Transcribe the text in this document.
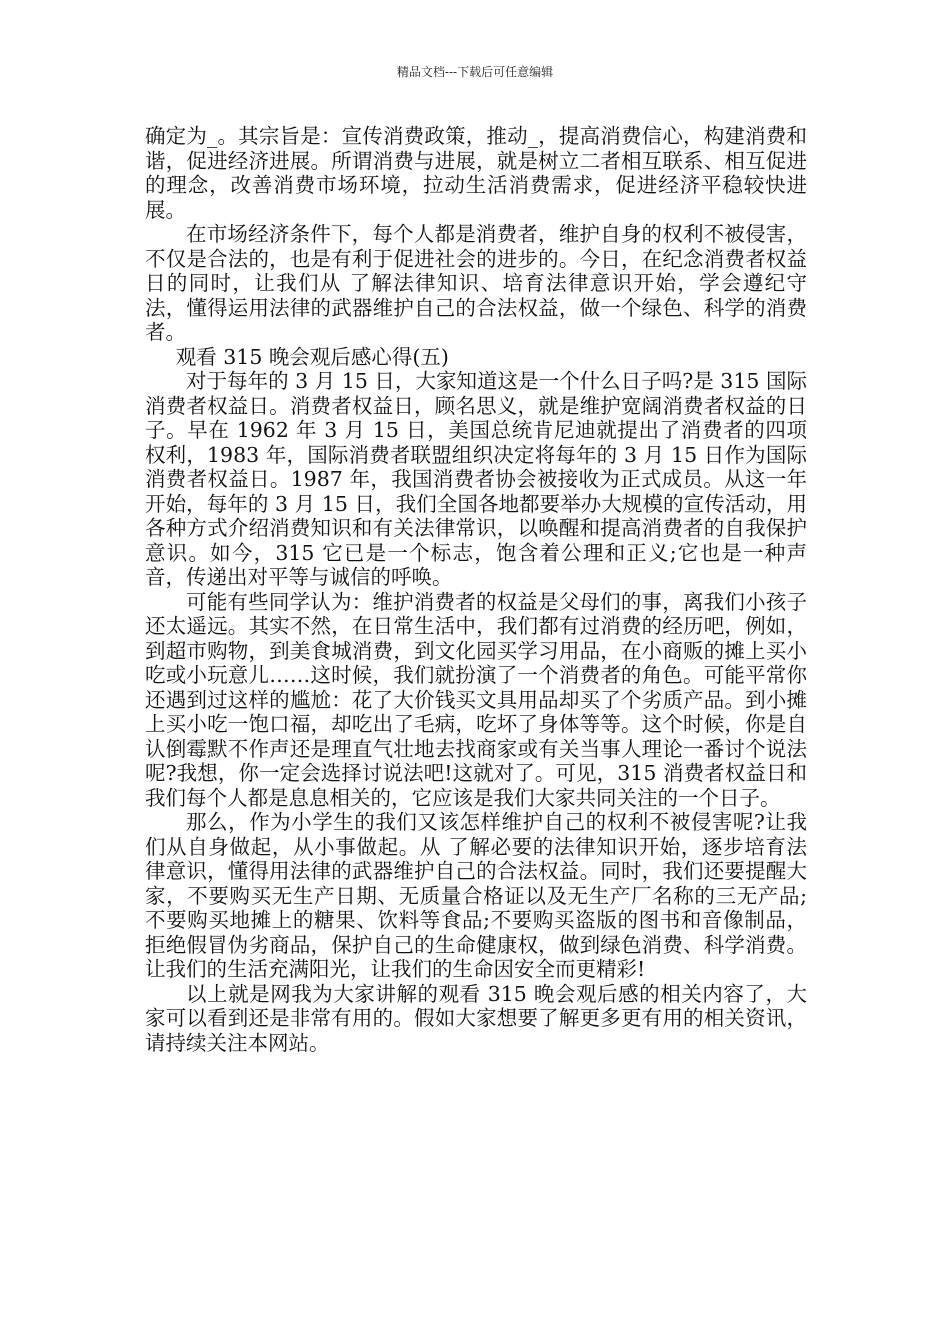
精品文档---下载后可任意编辑

确定为_。其宗旨是：宣传消费政策，推动_，提高消费信心，构建消费和谐，促进经济进展。所谓消费与进展，就是树立二者相互联系、相互促进的理念，改善消费市场环境，拉动生活消费需求，促进经济平稳较快进展。

在市场经济条件下，每个人都是消费者，维护自身的权利不被侵害，不仅是合法的，也是有利于促进社会的进步的。今日，在纪念消费者权益日的同时，让我们从 了解法律知识、培育法律意识开始，学会遵纪守法，懂得运用法律的武器维护自己的合法权益，做一个绿色、科学的消费者。

观看 315 晚会观后感心得(五)

对于每年的 3 月 15 日，大家知道这是一个什么日子吗?是 315 国际消费者权益日。消费者权益日，顾名思义，就是维护宽阔消费者权益的日子。早在 1962 年 3 月 15 日，美国总统肯尼迪就提出了消费者的四项权利，1983 年，国际消费者联盟组织决定将每年的 3 月 15 日作为国际消费者权益日。1987 年，我国消费者协会被接收为正式成员。从这一年开始，每年的 3 月 15 日，我们全国各地都要举办大规模的宣传活动，用各种方式介绍消费知识和有关法律常识，以唤醒和提高消费者的自我保护意识。如今，315 它已是一个标志，饱含着公理和正义;它也是一种声音，传递出对平等与诚信的呼唤。

可能有些同学认为：维护消费者的权益是父母们的事，离我们小孩子还太遥远。其实不然，在日常生活中，我们都有过消费的经历吧，例如，到超市购物，到美食城消费，到文化园买学习用品，在小商贩的摊上买小吃或小玩意儿……这时候，我们就扮演了一个消费者的角色。可能平常你还遇到过这样的尴尬：花了大价钱买文具用品却买了个劣质产品。到小摊上买小吃一饱口福，却吃出了毛病，吃坏了身体等等。这个时候，你是自认倒霉默不作声还是理直气壮地去找商家或有关当事人理论一番讨个说法呢?我想，你一定会选择讨说法吧!这就对了。可见，315 消费者权益日和我们每个人都是息息相关的，它应该是我们大家共同关注的一个日子。

那么，作为小学生的我们又该怎样维护自己的权利不被侵害呢?让我们从自身做起，从小事做起。从 了解必要的法律知识开始，逐步培育法律意识，懂得用法律的武器维护自己的合法权益。同时，我们还要提醒大家，不要购买无生产日期、无质量合格证以及无生产厂名称的三无产品;不要购买地摊上的糖果、饮料等食品;不要购买盗版的图书和音像制品，拒绝假冒伪劣商品，保护自己的生命健康权，做到绿色消费、科学消费。让我们的生活充满阳光，让我们的生命因安全而更精彩!

以上就是网我为大家讲解的观看 315 晚会观后感的相关内容了，大家可以看到还是非常有用的。假如大家想要了解更多更有用的相关资讯，请持续关注本网站。
